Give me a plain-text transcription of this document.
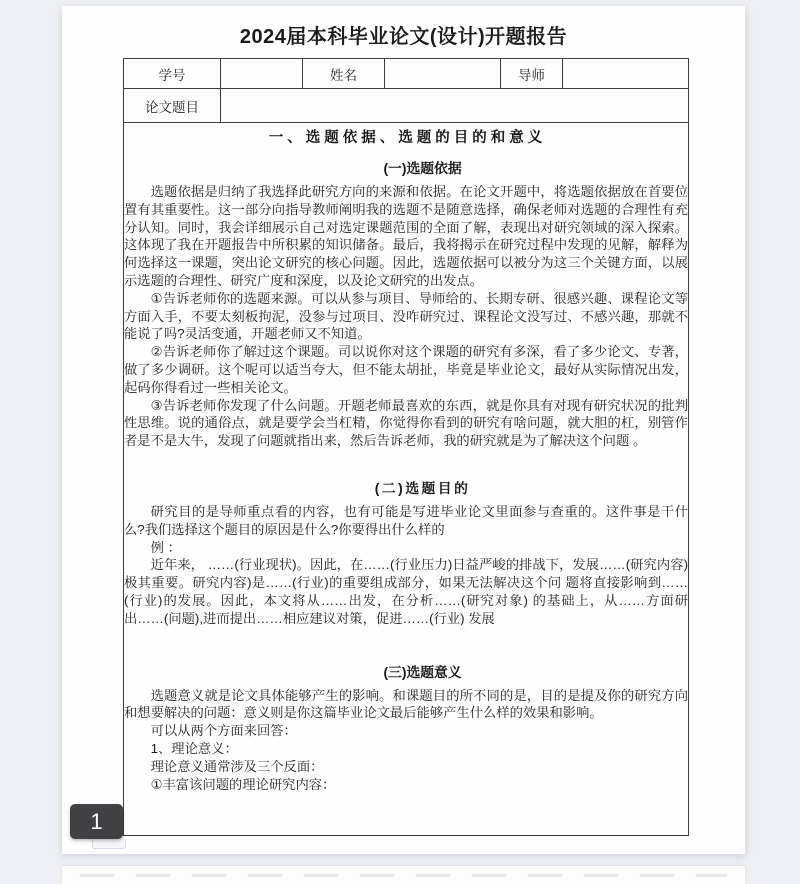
2024届本科毕业论文(设计)开题报告
学号		姓名		导师	
论文题目					

一、选题依据、选题的目的和意义
(一)选题依据

选题依据是归纳了我选择此研究方向的来源和依据。在论文开题中，将选题依据放在首要位置有其重要性。这一部分向指导教师阐明我的选题不是随意选择，确保老师对选题的合理性有充分认知。同时，我会详细展示自己对选定课题范围的全面了解，表现出对研究领域的深入探索。这体现了我在开题报告中所积累的知识储备。最后，我将揭示在研究过程中发现的见解，解释为何选择这一课题，突出论文研究的核心问题。因此，选题依据可以被分为这三个关键方面，以展示选题的合理性、研究广度和深度，以及论文研究的出发点。

①告诉老师你的选题来源。可以从参与项目、导师给的、长期专研、很感兴趣、课程论文等方面入手，不要太刻板拘泥，没参与过项目、没咋研究过、课程论文没写过、不感兴趣，那就不能说了吗?灵活变通，开题老师又不知道。

②告诉老师你了解过这个课题。司以说你对这个课题的研究有多深，看了多少论文、专著，做了多少调研。这个呢可以适当夸大，但不能太胡扯，毕竟是毕业论文，最好从实际情况出发，起码你得看过一些相关论文。

③告诉老师你发现了什么问题。开题老师最喜欢的东西，就是你具有对现有研究状况的批判性思维。说的通俗点，就是要学会当杠精，你觉得你看到的研究有啥问题，就大胆的杠，别管作者是不是大牛，发现了问题就指出来，然后告诉老师，我的研究就是为了解决这个问题 。

(二)选题目的

研究目的是导师重点看的内容，也有可能是写进毕业论文里面参与查重的。这件事是干什么?我们选择这个题目的原因是什么?你要得出什么样的

例 ：

近年来， ……(行业现状)。因此，在……(行业压力)日益严峻的排战下，发展……(研究内容)极其重要。研究内容)是……(行业)的重要组成部分，如果无法解决这个问 题将直接影响到……(行业)的发展。因此，本文将从……出发，在分析……(研究对象) 的基础上，从……方面研出……(问题),进而提出……相应建议对策，促进……(行业) 发展

(三)选题意义

选题意义就是论文具体能够产生的影响。和课题目的所不同的是，目的是提及你的研究方向和想要解决的问题：意义则是你这篇毕业论文最后能够产生什么样的效果和影响。

可以从两个方面来回答：

1、理论意义：

理论意义通常涉及三个反面：

①丰富该问题的理论研究内容：

1
